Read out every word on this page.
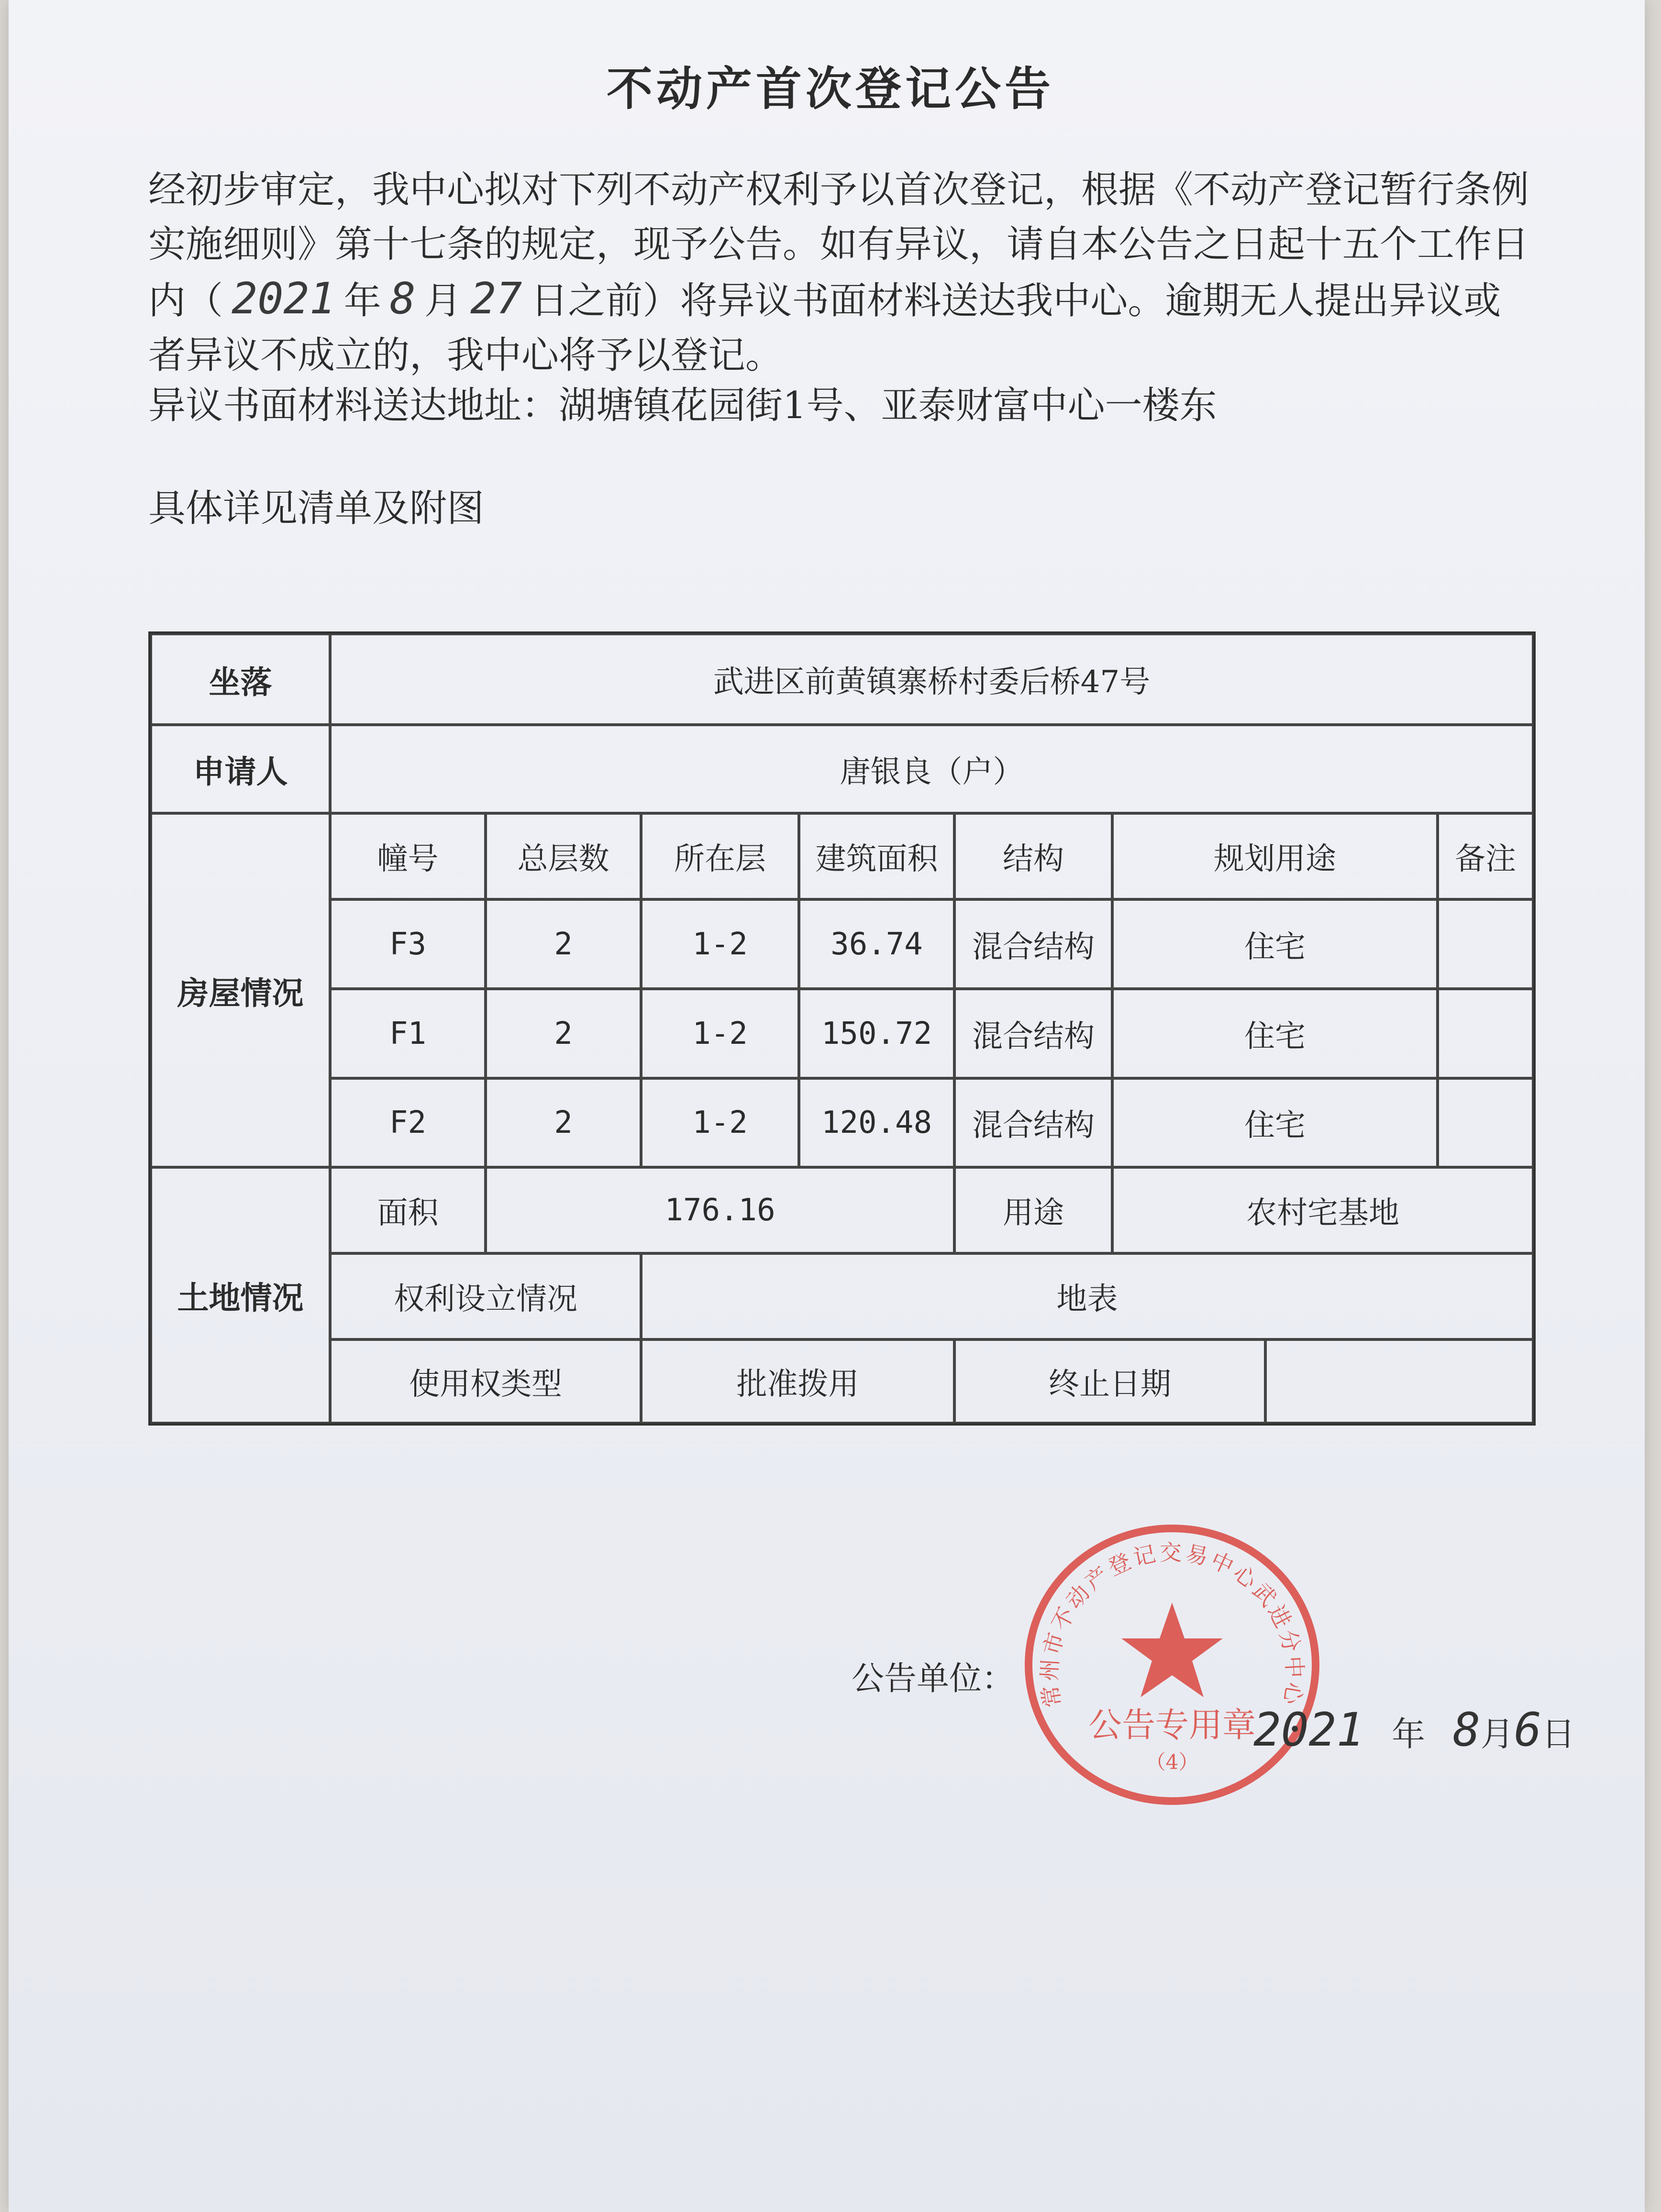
不动产首次登记公告
经初步审定，我中心拟对下列不动产权利予以首次登记，根据《不动产登记暂行条例实施细则》第十七条的规定，现予公告。如有异议，请自本公告之日起十五个工作日内（ 2021 年 8 月 27 日之前）将异议书面材料送达我中心。逾期无人提出异议或者异议不成立的，我中心将予以登记。
异议书面材料送达地址：湖塘镇花园街1号、亚泰财富中心一楼东
具体详见清单及附图
坐落	武进区前黄镇寨桥村委后桥47号
申请人	唐银良（户）
房屋情况
幢号	总层数	所在层	建筑面积	结构	规划用途	备注
F3	2	1-2	36.74	混合结构	住宅
F1	2	1-2	150.72	混合结构	住宅
F2	2	1-2	120.48	混合结构	住宅
土地情况
面积	176.16	用途	农村宅基地
权利设立情况	地表
使用权类型	批准拨用	终止日期
公告单位： 常州市不动产登记交易中心武进分中心
公告专用章
（4）
2021 年 8月6日
